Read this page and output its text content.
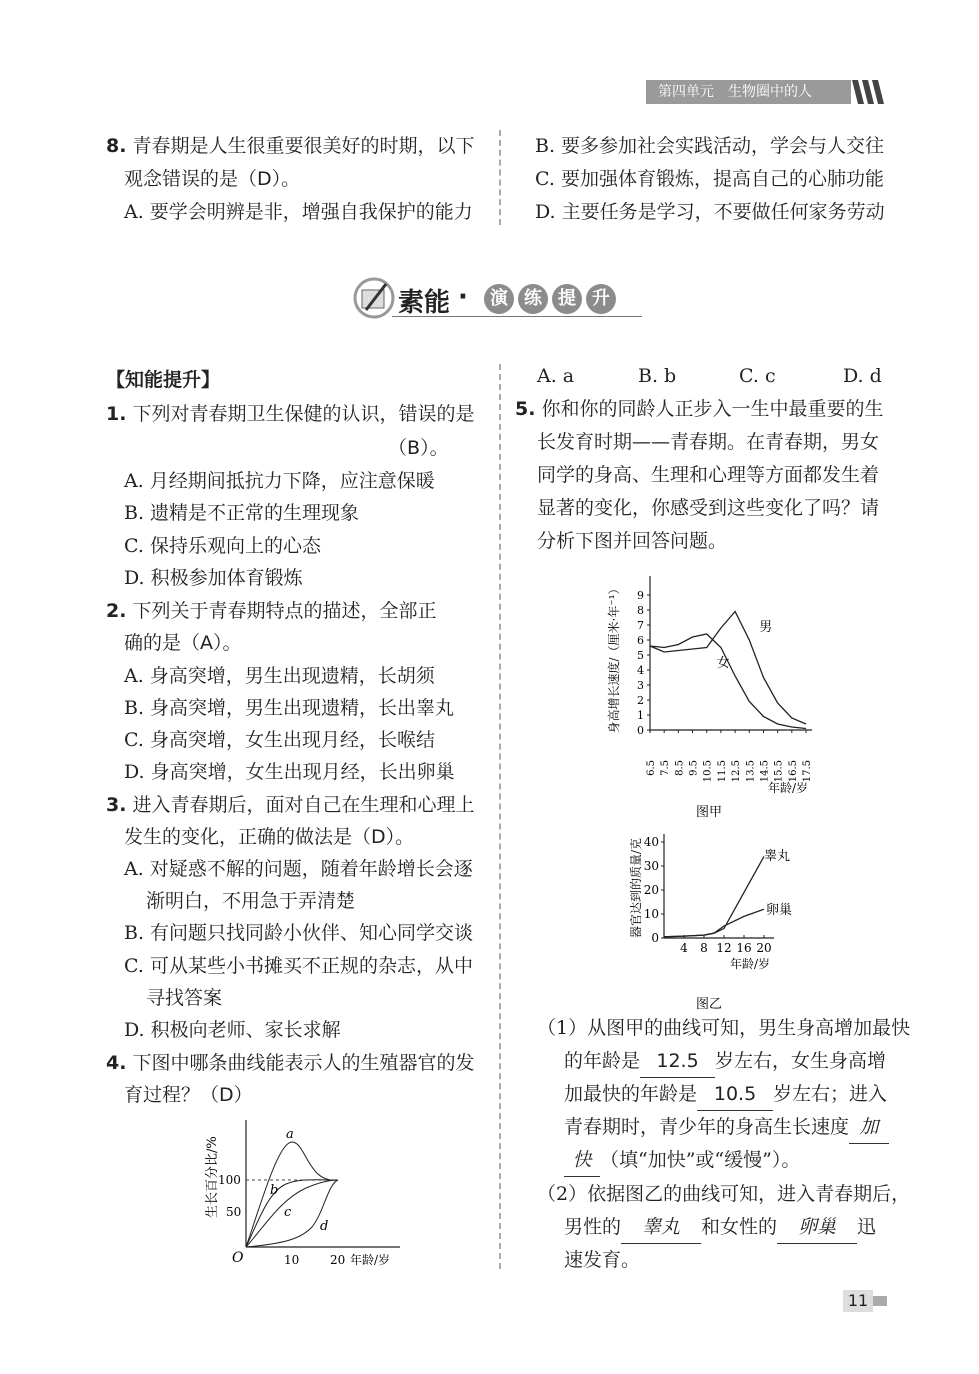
第四单元　生物圈中的人
8. 青春期是人生很重要很美好的时期，以下
观念错误的是（D）。
A. 要学会明辨是非，增强自我保护的能力
B. 要多参加社会实践活动，学会与人交往
C. 要加强体育锻炼，提高自己的心肺功能
D. 主要任务是学习，不要做任何家务劳动
素能 ·	演 练 提 升
【知能提升】
1. 下列对青春期卫生保健的认识，错误的是
（B）。
A. 月经期间抵抗力下降，应注意保暖
B. 遗精是不正常的生理现象
C. 保持乐观向上的心态
D. 积极参加体育锻炼
2. 下列关于青春期特点的描述，全部正
确的是（A）。
A. 身高突增，男生出现遗精，长胡须
B. 身高突增，男生出现遗精，长出睾丸
C. 身高突增，女生出现月经，长喉结
D. 身高突增，女生出现月经，长出卵巢
3. 进入青春期后，面对自己在生理和心理上
发生的变化，正确的做法是（D）。
A. 对疑惑不解的问题，随着年龄增长会逐
渐明白，不用急于弄清楚
B. 有问题只找同龄小伙伴、知心同学交谈
C. 可从某些小书摊买不正规的杂志，从中
寻找答案
D. 积极向老师、家长求解
4. 下图中哪条曲线能表示人的生殖器官的发
育过程？（D）
生长百分比/%
100
50
O	10	20 年龄/岁
a
b
c
d
A. a	B. b	C. c	D. d
5. 你和你的同龄人正步入一生中最重要的生
长发育时期——青春期。在青春期，男女
同学的身高、生理和心理等方面都发生着
显著的变化，你感受到这些变化了吗？请
分析下图并回答问题。
0
1
2
3
4
5
6
7
8
9
6.5 7.5 8.5 9.5 10.5 11.5 12.5 13.5 14.5 15.5 16.5 17.5
男
女
身高增长速度/（厘米·年⁻¹）
年龄/岁
图甲
0
10
20
30
40
4 8 12 16 20
睾丸
卵巢
器官达到的质量/克
年龄/岁
图乙
（1）从图甲的曲线可知，男生身高增加最快
的年龄是 12.5 岁左右，女生身高增
加最快的年龄是 10.5 岁左右；进入
青春期时，青少年的身高生长速度 加
快 （填“加快”或“缓慢”）。
（2）依据图乙的曲线可知，进入青春期后，
男性的 睾丸 和女性的 卵巢 迅
速发育。
11
